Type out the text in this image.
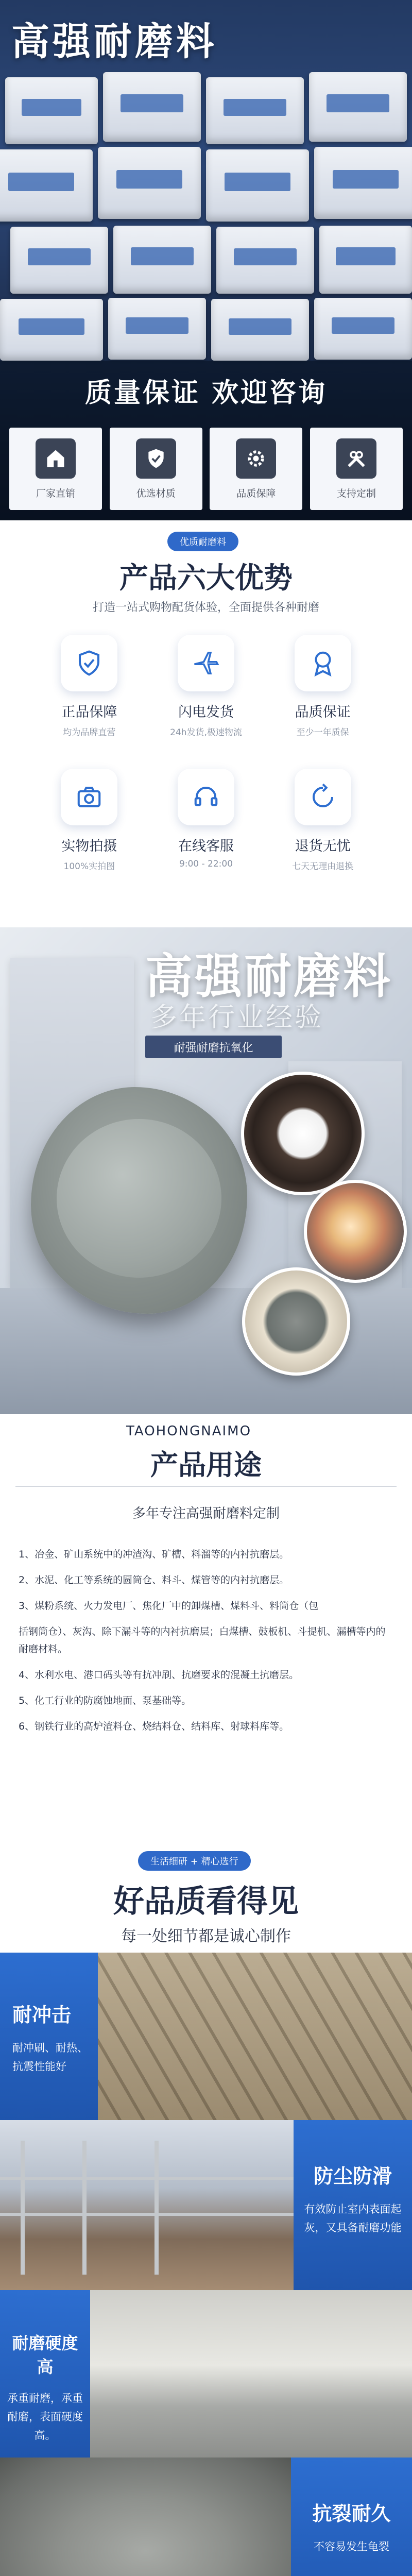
高强耐磨料
质量保证 欢迎咨询
厂家直销	优选材质	品质保障	支持定制
优质耐磨料
产品六大优势
打造一站式购物配货体验，全面提供各种耐磨
正品保障
均为品牌直营
闪电发货
24h发货,极速物流
品质保证
至少一年质保
实物拍摄
100%实拍图
在线客服
9:00 - 22:00
退货无忧
七天无理由退换
高强耐磨料
多年行业经验
耐强耐磨抗氧化
TAOHONGNAIMO
产品用途
多年专注高强耐磨料定制
1、冶金、矿山系统中的冲渣沟、矿槽、料溜等的内衬抗磨层。
2、水泥、化工等系统的圆筒仓、料斗、煤管等的内衬抗磨层。
3、煤粉系统、火力发电厂、焦化厂中的卸煤槽、煤料斗、料筒仓（包
括钢筒仓）、灰沟、除下漏斗等的内衬抗磨层；白煤槽、鼓板机、斗提机、漏槽等内的耐磨材料。
4、水利水电、港口码头等有抗冲刷、抗磨要求的混凝土抗磨层。
5、化工行业的防腐蚀地面、泵基础等。
6、钢铁行业的高炉渣料仓、烧结料仓、结料库、射球料库等。
生活细研 + 精心选行
好品质看得见
每一处细节都是诚心制作
耐冲击
耐冲刷、耐热、抗震性能好
防尘防滑
有效防止室内表面起灰，又具备耐磨功能
耐磨硬度高
承重耐磨，承重耐磨，表面硬度高。
抗裂耐久
不容易发生龟裂
